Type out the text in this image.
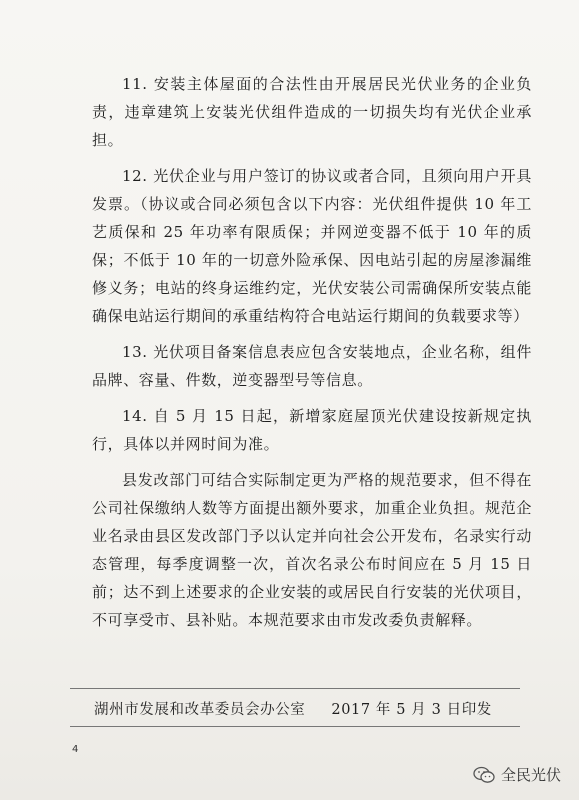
11. 安装主体屋面的合法性由开展居民光伏业务的企业负责，违章建筑上安装光伏组件造成的一切损失均有光伏企业承担。

12. 光伏企业与用户签订的协议或者合同，且须向用户开具发票。（协议或合同必须包含以下内容：光伏组件提供 10 年工艺质保和 25 年功率有限质保；并网逆变器不低于 10 年的质保；不低于 10 年的一切意外险承保、因电站引起的房屋渗漏维修义务；电站的终身运维约定，光伏安装公司需确保所安装点能确保电站运行期间的承重结构符合电站运行期间的负载要求等）

13. 光伏项目备案信息表应包含安装地点，企业名称，组件品牌、容量、件数，逆变器型号等信息。

14. 自 5 月 15 日起，新增家庭屋顶光伏建设按新规定执行，具体以并网时间为准。

县发改部门可结合实际制定更为严格的规范要求，但不得在公司社保缴纳人数等方面提出额外要求，加重企业负担。规范企业名录由县区发改部门予以认定并向社会公开发布，名录实行动态管理，每季度调整一次，首次名录公布时间应在 5 月 15 日前；达不到上述要求的企业安装的或居民自行安装的光伏项目，不可享受市、县补贴。本规范要求由市发改委负责解释。

湖州市发展和改革委员会办公室 2017 年 5 月 3 日印发
4
全民光伏
